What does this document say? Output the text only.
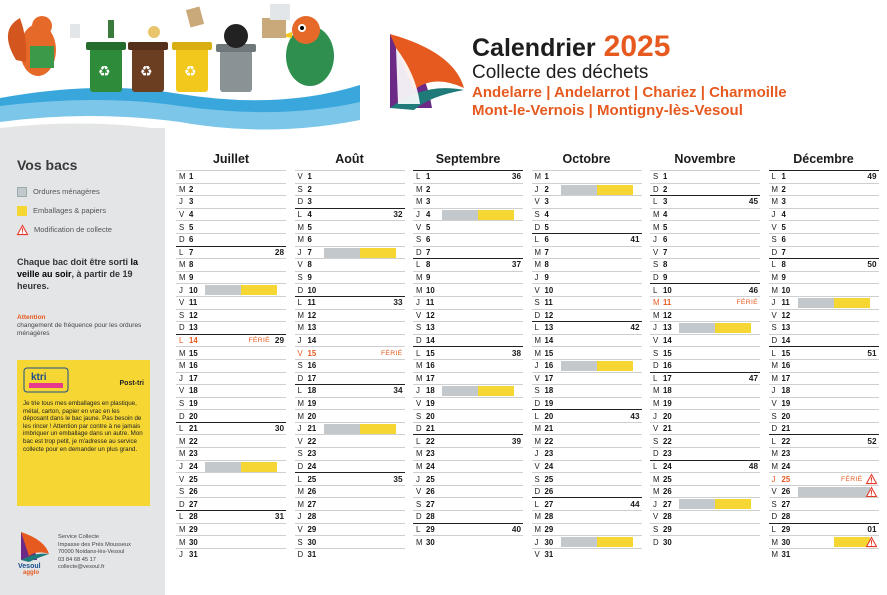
♻ ♻ ♻
Calendrier 2025
Collecte des déchets
Andelarre | Andelarrot | Chariez | Charmoille
Mont-le-Vernois | Montigny-lès-Vesoul
Vos bacs
Ordures ménagères
Emballages & papiers
Modification de collecte
Chaque bac doit être sorti la veille au soir, à partir de 19 heures.
Attention
changement de fréquence pour les ordures ménagères
ktri
Post-tri
Je trie tous mes emballages en plastique, métal, carton, papier en vrac en les déposant dans le bac jaune. Pas besoin de les rincer ! Attention par contre à ne jamais imbriquer un emballage dans un autre. Mon bac est trop petit, je m'adresse au service collecte pour en demander un plus grand.
Vesoul
agglo
Service Collecte
Impasse des Prés Mousseux
70000 Noidans-lès-Vesoul
03 84 68 45 17
collecte@vesoul.fr
Juillet
M 1
M 2
J 3
V 4
S 5
D 6
L 7	28
M 8
M 9
J 10
V 11
S 12
D 13
L 14	FÉRIÉ 29
M 15
M 16
J 17
V 18
S 19
D 20
L 21	30
M 22
M 23
J 24
V 25
S 26
D 27
L 28	31
M 29
M 30
J 31
Août
V 1
S 2
D 3
L 4	32
M 5
M 6
J 7
V 8
S 9
D 10
L 11	33
M 12
M 13
J 14
V 15	FÉRIÉ
S 16
D 17
L 18	34
M 19
M 20
J 21
V 22
S 23
D 24
L 25	35
M 26
M 27
J 28
V 29
S 30
D 31
Septembre
L 1	36
M 2
M 3
J 4
V 5
S 6
D 7
L 8	37
M 9
M 10
J 11
V 12
S 13
D 14
L 15	38
M 16
M 17
J 18
V 19
S 20
D 21
L 22	39
M 23
M 24
J 25
V 26
S 27
D 28
L 29	40
M 30
Octobre
M 1
J 2
V 3
S 4
D 5
L 6	41
M 7
M 8
J 9
V 10
S 11
D 12
L 13	42
M 14
M 15
J 16
V 17
S 18
D 19
L 20	43
M 21
M 22
J 23
V 24
S 25
D 26
L 27	44
M 28
M 29
J 30
V 31
Novembre
S 1
D 2
L 3	45
M 4
M 5
J 6
V 7
S 8
D 9
L 10	46
M 11	FÉRIÉ
M 12
J 13
V 14
S 15
D 16
L 17	47
M 18
M 19
J 20
V 21
S 22
D 23
L 24	48
M 25
M 26
J 27
V 28
S 29
D 30
Décembre
L 1	49
M 2
M 3
J 4
V 5
S 6
D 7
L 8	50
M 9
M 10
J 11
V 12
S 13
D 14
L 15	51
M 16
M 17
J 18
V 19
S 20
D 21
L 22	52
M 23
M 24
J 25	FÉRIÉ
V 26
S 27
D 28
L 29	01
M 30
M 31
